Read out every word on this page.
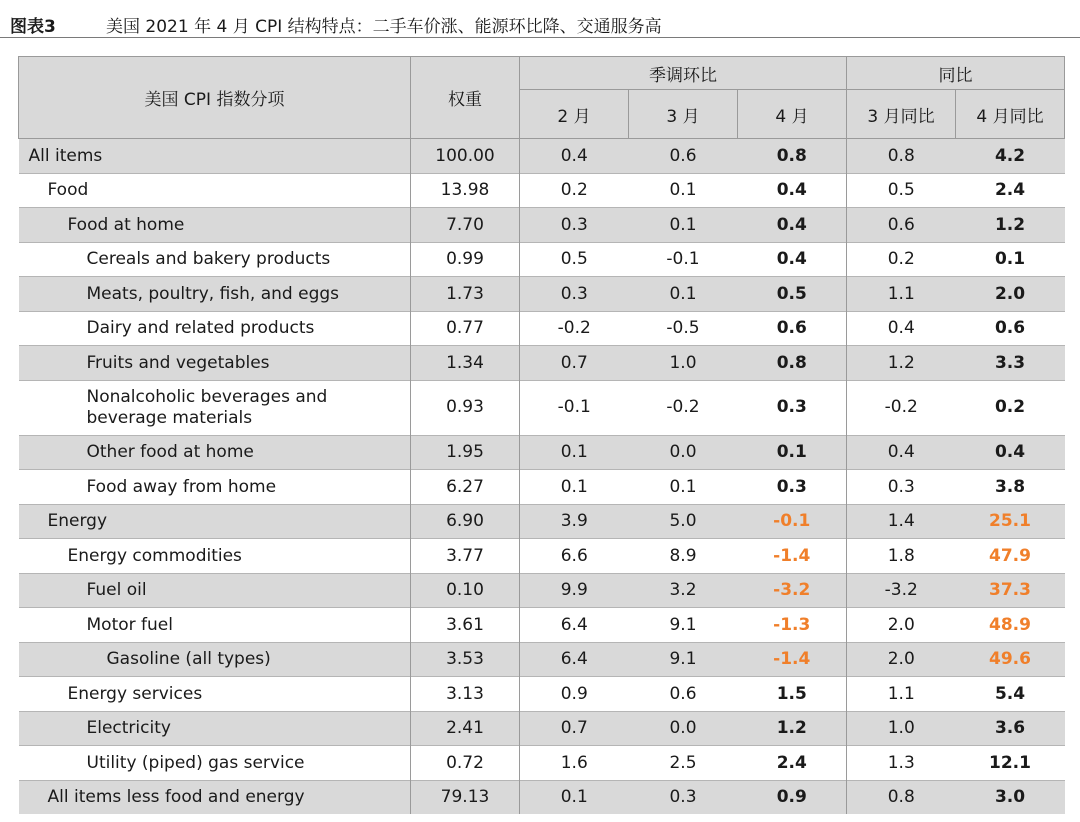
图表3	美国 2021 年 4 月 CPI 结构特点：二手车价涨、能源环比降、交通服务高
美国 CPI 指数分项	权重	季调环比			同比	
		2 月	3 月	4 月	3 月同比	4 月同比
All items	100.00	0.4	0.6	0.8	0.8	4.2
Food	13.98	0.2	0.1	0.4	0.5	2.4
Food at home	7.70	0.3	0.1	0.4	0.6	1.2
Cereals and bakery products	0.99	0.5	-0.1	0.4	0.2	0.1
Meats, poultry, fish, and eggs	1.73	0.3	0.1	0.5	1.1	2.0
Dairy and related products	0.77	-0.2	-0.5	0.6	0.4	0.6
Fruits and vegetables	1.34	0.7	1.0	0.8	1.2	3.3
Nonalcoholic beverages and
beverage materials	0.93	-0.1	-0.2	0.3	-0.2	0.2
Other food at home	1.95	0.1	0.0	0.1	0.4	0.4
Food away from home	6.27	0.1	0.1	0.3	0.3	3.8
Energy	6.90	3.9	5.0	-0.1	1.4	25.1
Energy commodities	3.77	6.6	8.9	-1.4	1.8	47.9
Fuel oil	0.10	9.9	3.2	-3.2	-3.2	37.3
Motor fuel	3.61	6.4	9.1	-1.3	2.0	48.9
Gasoline (all types)	3.53	6.4	9.1	-1.4	2.0	49.6
Energy services	3.13	0.9	0.6	1.5	1.1	5.4
Electricity	2.41	0.7	0.0	1.2	1.0	3.6
Utility (piped) gas service	0.72	1.6	2.5	2.4	1.3	12.1
All items less food and energy	79.13	0.1	0.3	0.9	0.8	3.0
